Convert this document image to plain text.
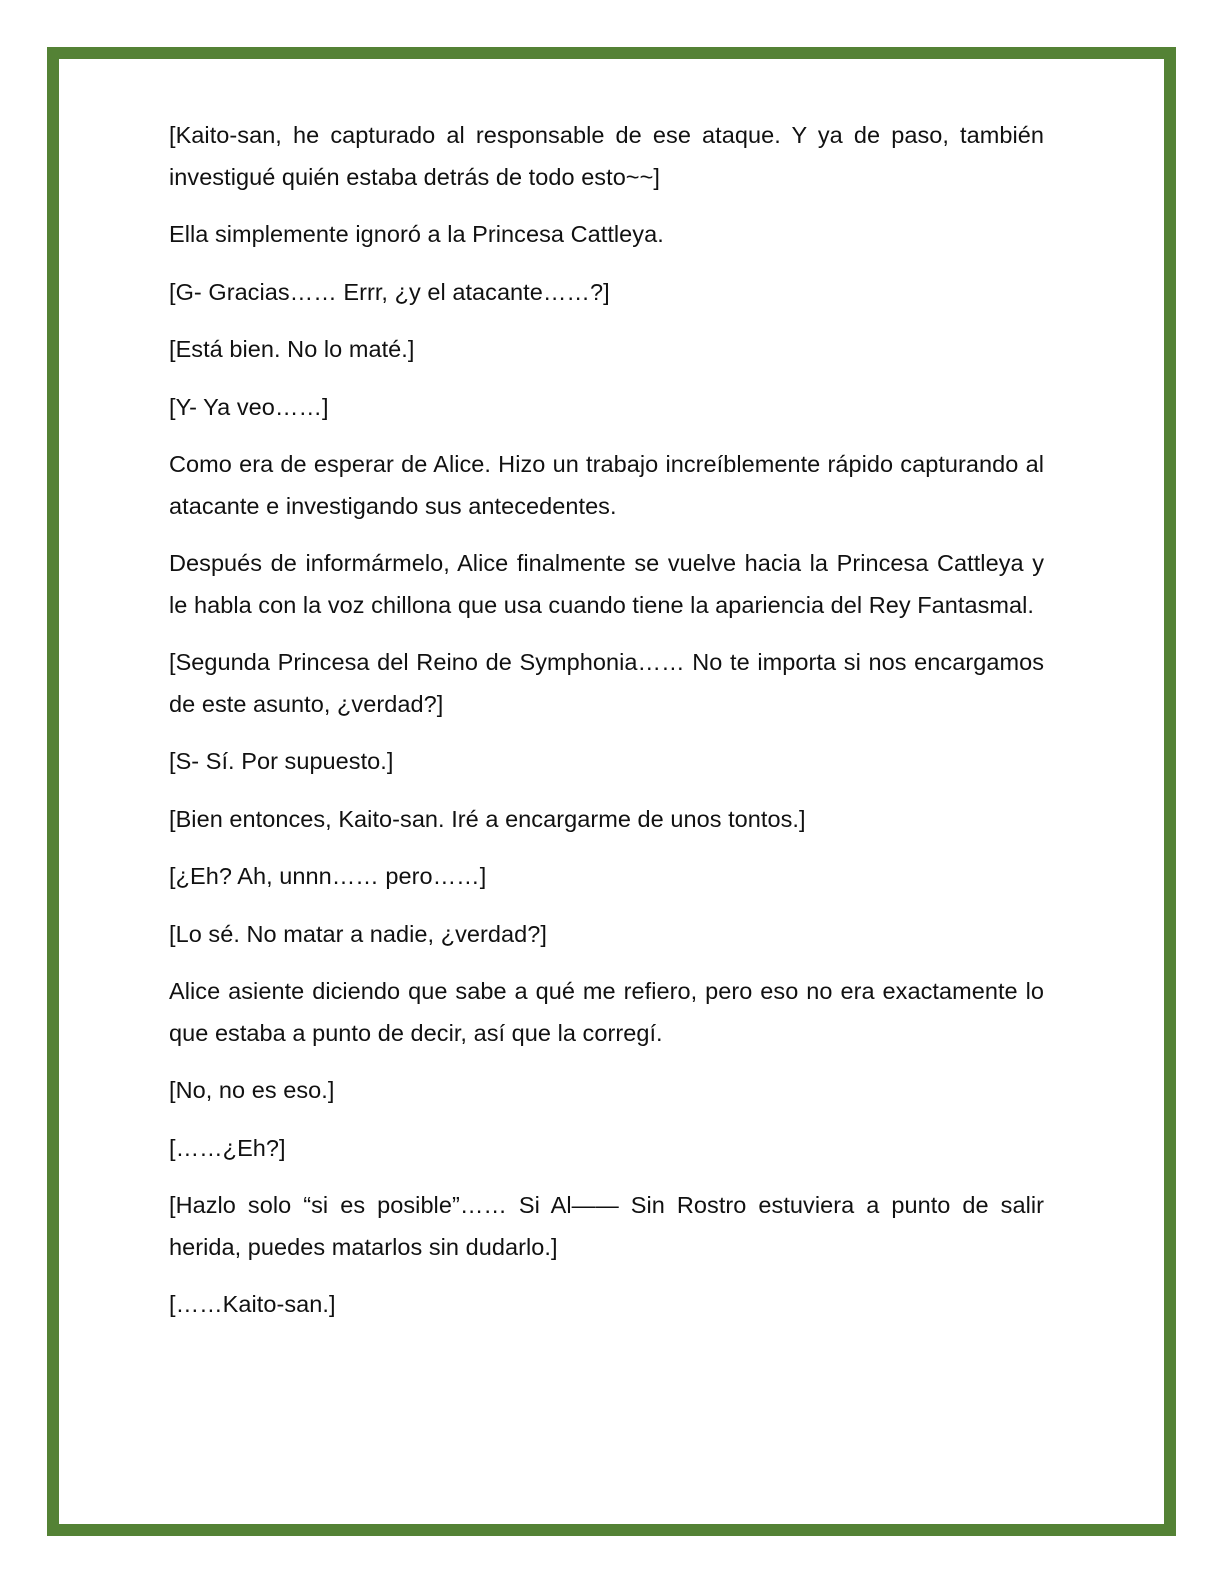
[Kaito-san, he capturado al responsable de ese ataque. Y ya de paso, también investigué quién estaba detrás de todo esto~~]

Ella simplemente ignoró a la Princesa Cattleya.

[G- Gracias…… Errr, ¿y el atacante……?]

[Está bien. No lo maté.]

[Y- Ya veo……]

Como era de esperar de Alice. Hizo un trabajo increíblemente rápido capturando al atacante e investigando sus antecedentes.

Después de informármelo, Alice finalmente se vuelve hacia la Princesa Cattleya y le habla con la voz chillona que usa cuando tiene la apariencia del Rey Fantasmal.

[Segunda Princesa del Reino de Symphonia…… No te importa si nos encargamos de este asunto, ¿verdad?]

[S- Sí. Por supuesto.]

[Bien entonces, Kaito-san. Iré a encargarme de unos tontos.]

[¿Eh? Ah, unnn…… pero……]

[Lo sé. No matar a nadie, ¿verdad?]

Alice asiente diciendo que sabe a qué me refiero, pero eso no era exactamente lo que estaba a punto de decir, así que la corregí.

[No, no es eso.]

[……¿Eh?]

[Hazlo solo “si es posible”…… Si Al—— Sin Rostro estuviera a punto de salir herida, puedes matarlos sin dudarlo.]

[……Kaito-san.]
